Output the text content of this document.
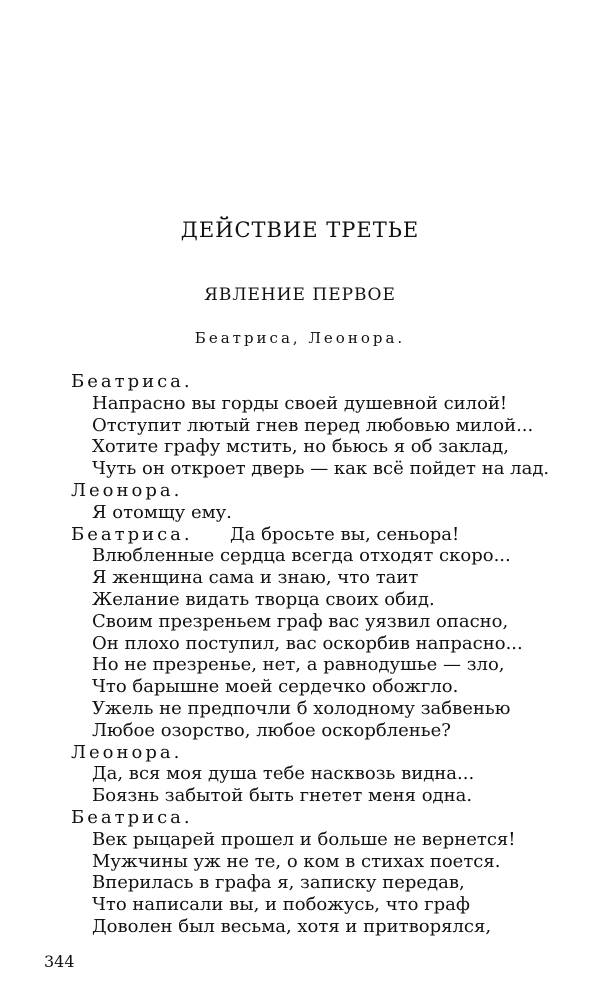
ДЕЙСТВИЕ ТРЕТЬЕ
ЯВЛЕНИЕ ПЕРВОЕ
Беатриса, Леонора.
Беатриса.
Напрасно вы горды своей душевной силой!
Отступит лютый гнев перед любовью милой...
Хотите графу мстить, но бьюсь я об заклад,
Чуть он откроет дверь — как всё пойдет на лад.
Леонора.
Я отомщу ему.
Беатриса. Да бросьте вы, сеньора!
Влюбленные сердца всегда отходят скоро...
Я женщина сама и знаю, что таит
Желание видать творца своих обид.
Своим презреньем граф вас уязвил опасно,
Он плохо поступил, вас оскорбив напрасно...
Но не презренье, нет, а равнодушье — зло,
Что барышне моей сердечко обожгло.
Ужель не предпочли б холодному забвенью
Любое озорство, любое оскорбленье?
Леонора.
Да, вся моя душа тебе насквозь видна...
Боязнь забытой быть гнетет меня одна.
Беатриса.
Век рыцарей прошел и больше не вернется!
Мужчины уж не те, о ком в стихах поется.
Вперилась в графа я, записку передав,
Что написали вы, и побожусь, что граф
Доволен был весьма, хотя и притворялся,
344
